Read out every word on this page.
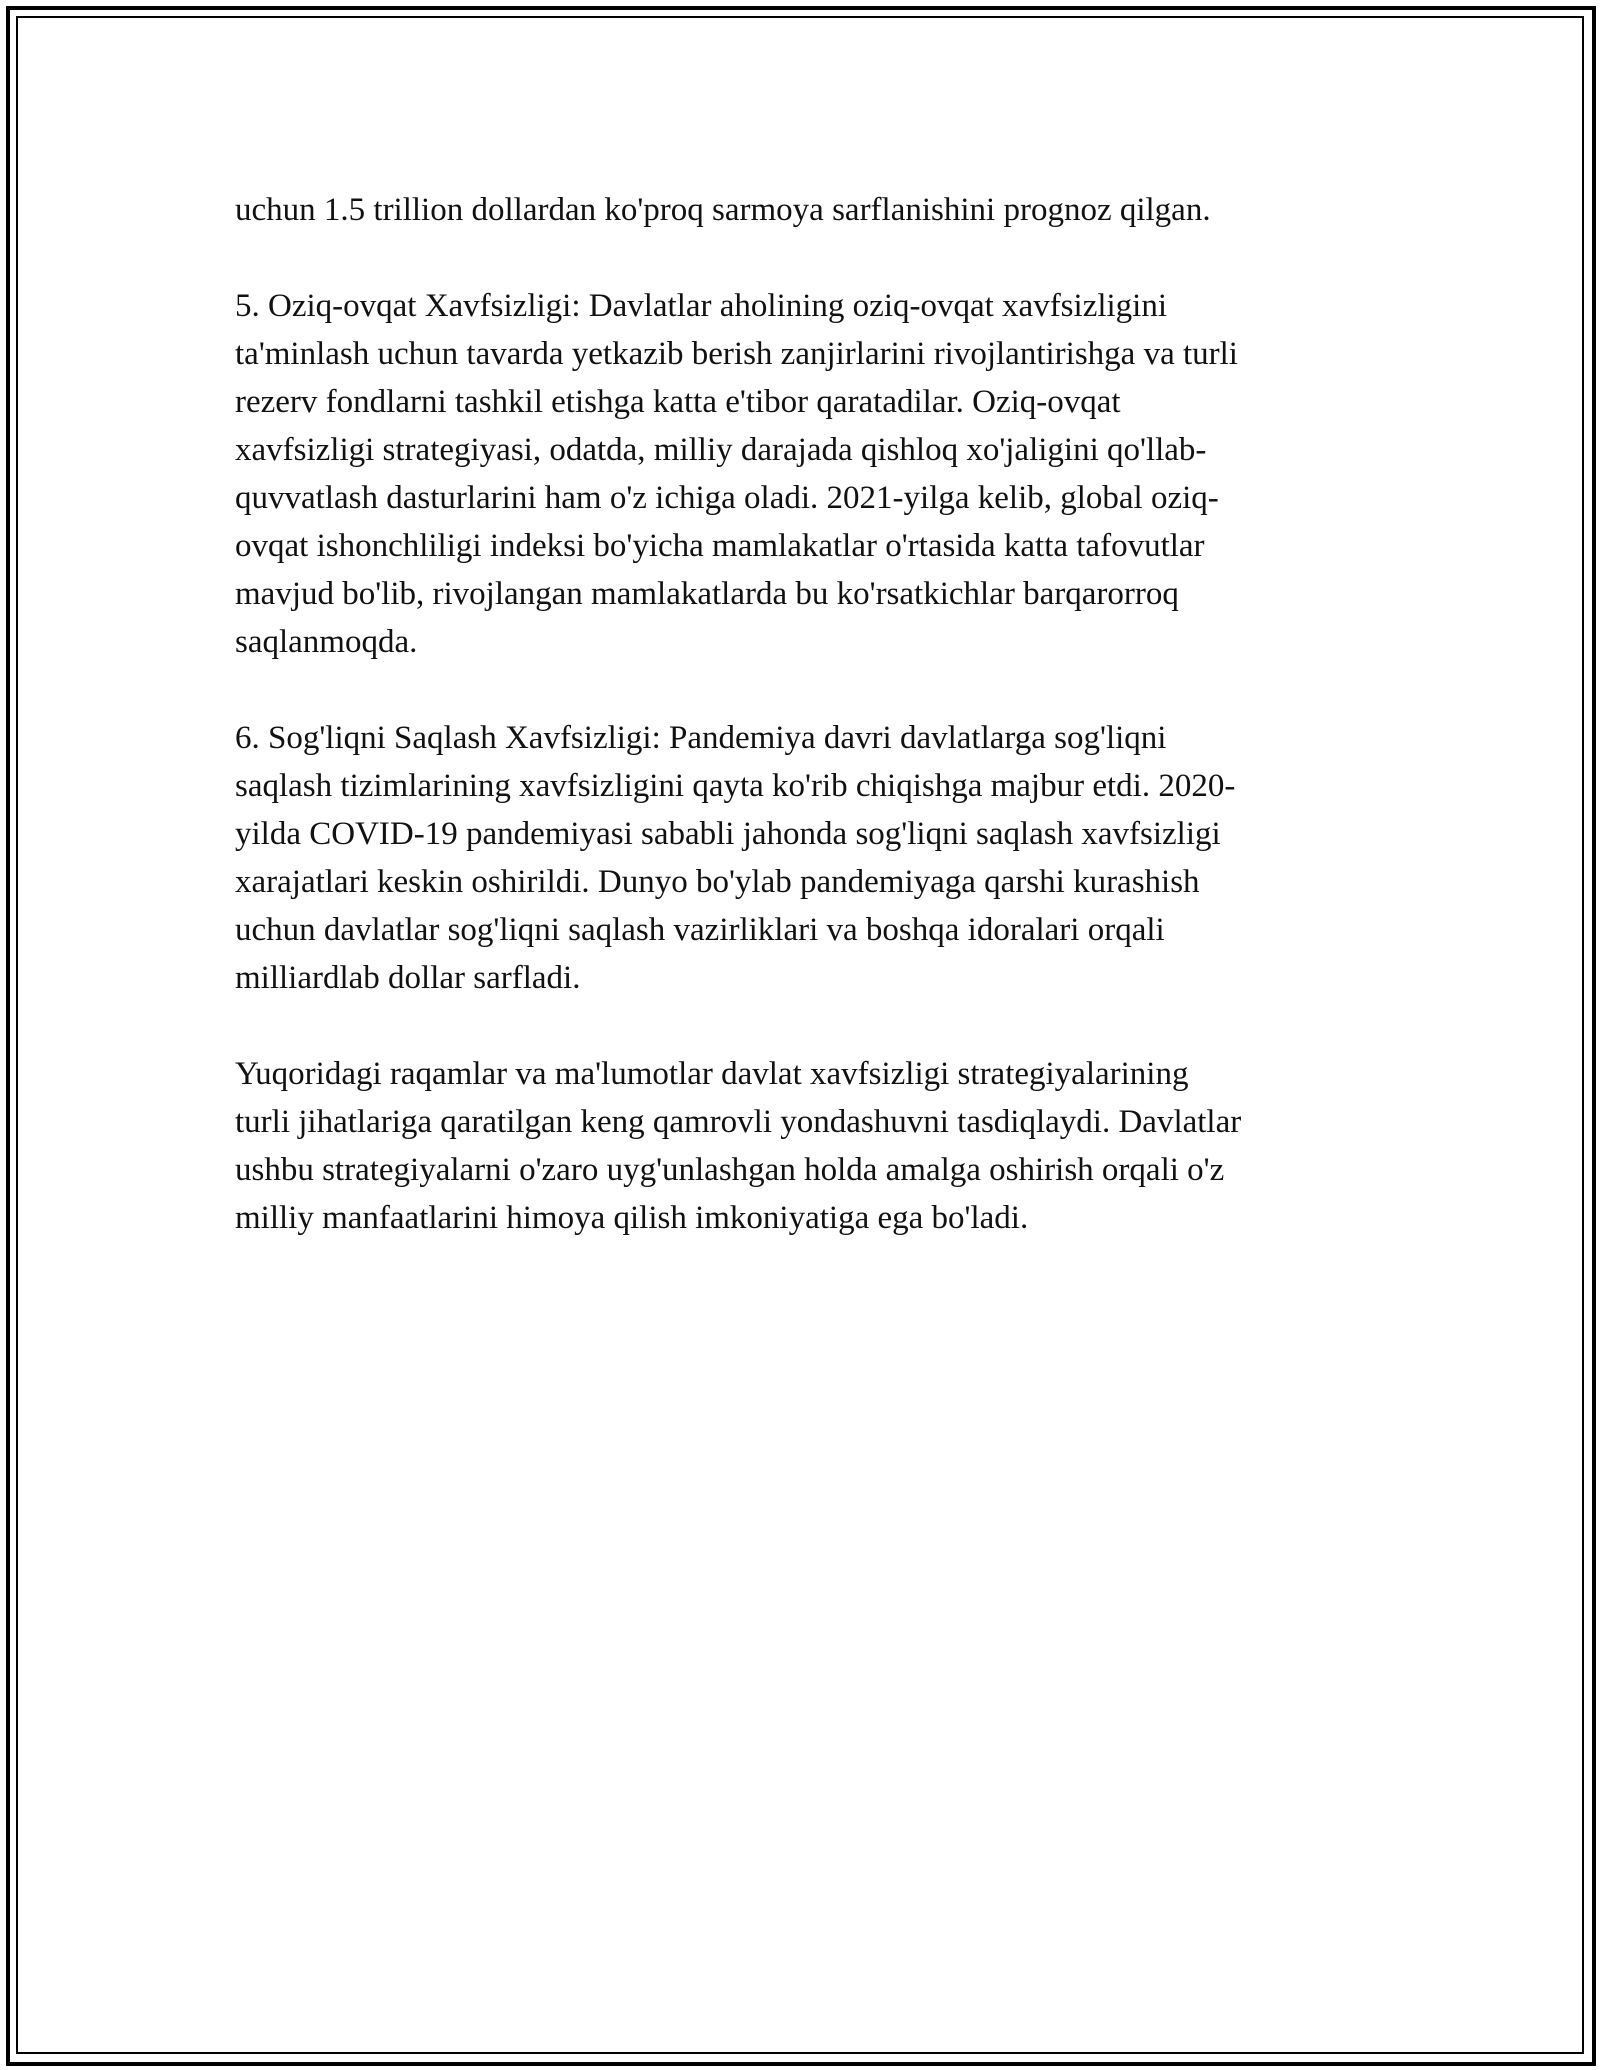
uchun 1.5 trillion dollardan ko'proq sarmoya sarflanishini prognoz qilgan.

5. Oziq-ovqat Xavfsizligi: Davlatlar aholining oziq-ovqat xavfsizligini
ta'minlash uchun tavarda yetkazib berish zanjirlarini rivojlantirishga va turli
rezerv fondlarni tashkil etishga katta e'tibor qaratadilar. Oziq-ovqat
xavfsizligi strategiyasi, odatda, milliy darajada qishloq xo'jaligini qo'llab-
quvvatlash dasturlarini ham o'z ichiga oladi. 2021-yilga kelib, global oziq-
ovqat ishonchliligi indeksi bo'yicha mamlakatlar o'rtasida katta tafovutlar
mavjud bo'lib, rivojlangan mamlakatlarda bu ko'rsatkichlar barqarorroq
saqlanmoqda.

6. Sog'liqni Saqlash Xavfsizligi: Pandemiya davri davlatlarga sog'liqni
saqlash tizimlarining xavfsizligini qayta ko'rib chiqishga majbur etdi. 2020-
yilda COVID-19 pandemiyasi sababli jahonda sog'liqni saqlash xavfsizligi
xarajatlari keskin oshirildi. Dunyo bo'ylab pandemiyaga qarshi kurashish
uchun davlatlar sog'liqni saqlash vazirliklari va boshqa idoralari orqali
milliardlab dollar sarfladi.

Yuqoridagi raqamlar va ma'lumotlar davlat xavfsizligi strategiyalarining
turli jihatlariga qaratilgan keng qamrovli yondashuvni tasdiqlaydi. Davlatlar
ushbu strategiyalarni o'zaro uyg'unlashgan holda amalga oshirish orqali o'z
milliy manfaatlarini himoya qilish imkoniyatiga ega bo'ladi.
